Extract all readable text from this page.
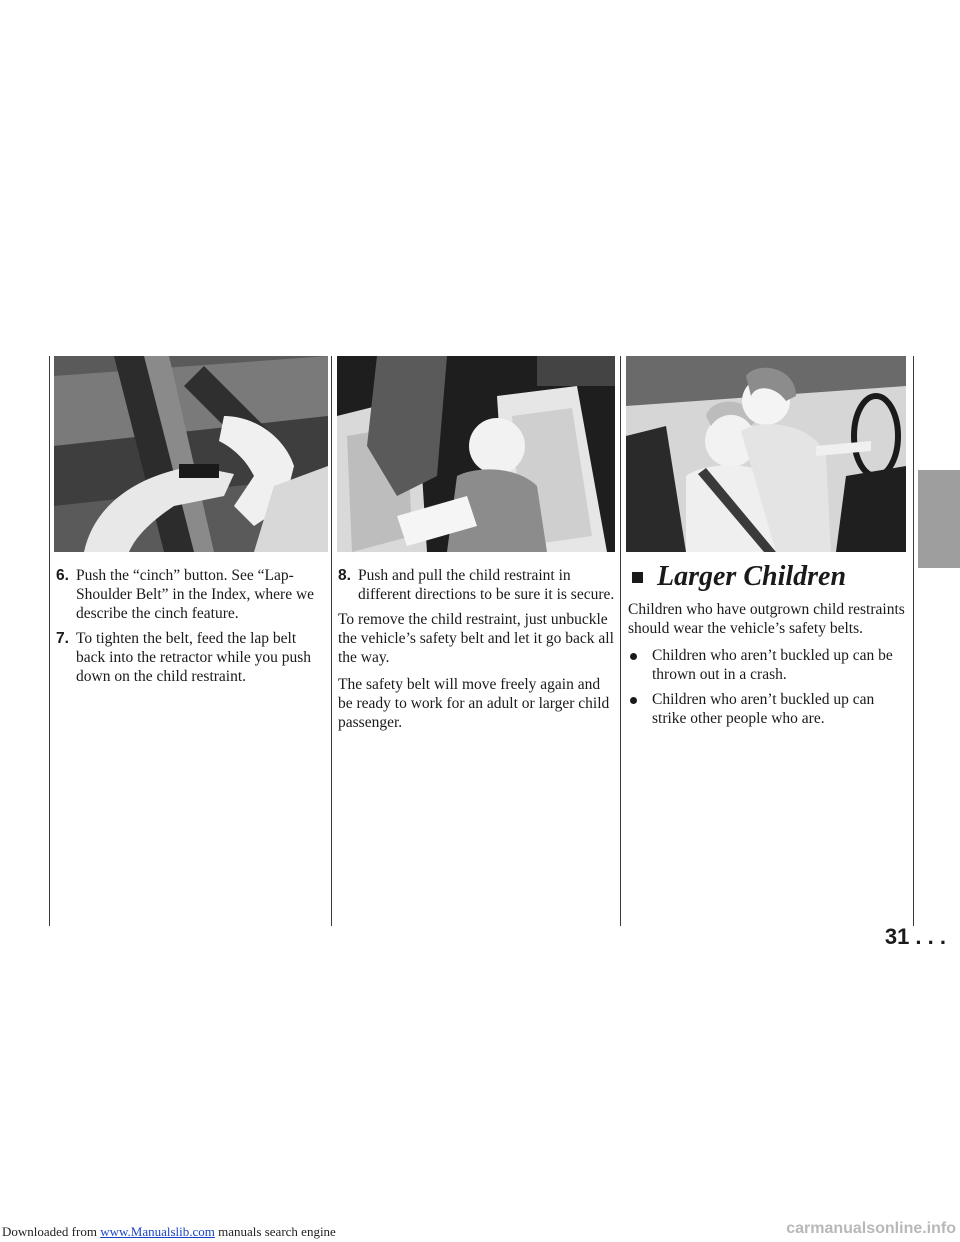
6. Push the “cinch” button. See “Lap-Shoulder Belt” in the Index, where we describe the cinch feature.
7. To tighten the belt, feed the lap belt back into the retractor while you push down on the child restraint.
8. Push and pull the child restraint in different directions to be sure it is secure.

To remove the child restraint, just unbuckle the vehicle’s safety belt and let it go back all the way.

The safety belt will move freely again and be ready to work for an adult or larger child passenger.

Larger Children

Children who have outgrown child restraints should wear the vehicle’s safety belts.

Children who aren’t buckled up can be thrown out in a crash.
Children who aren’t buckled up can strike other people who are.
31 . . .
Downloaded from www.Manualslib.com manuals search engine	carmanualsonline.info
